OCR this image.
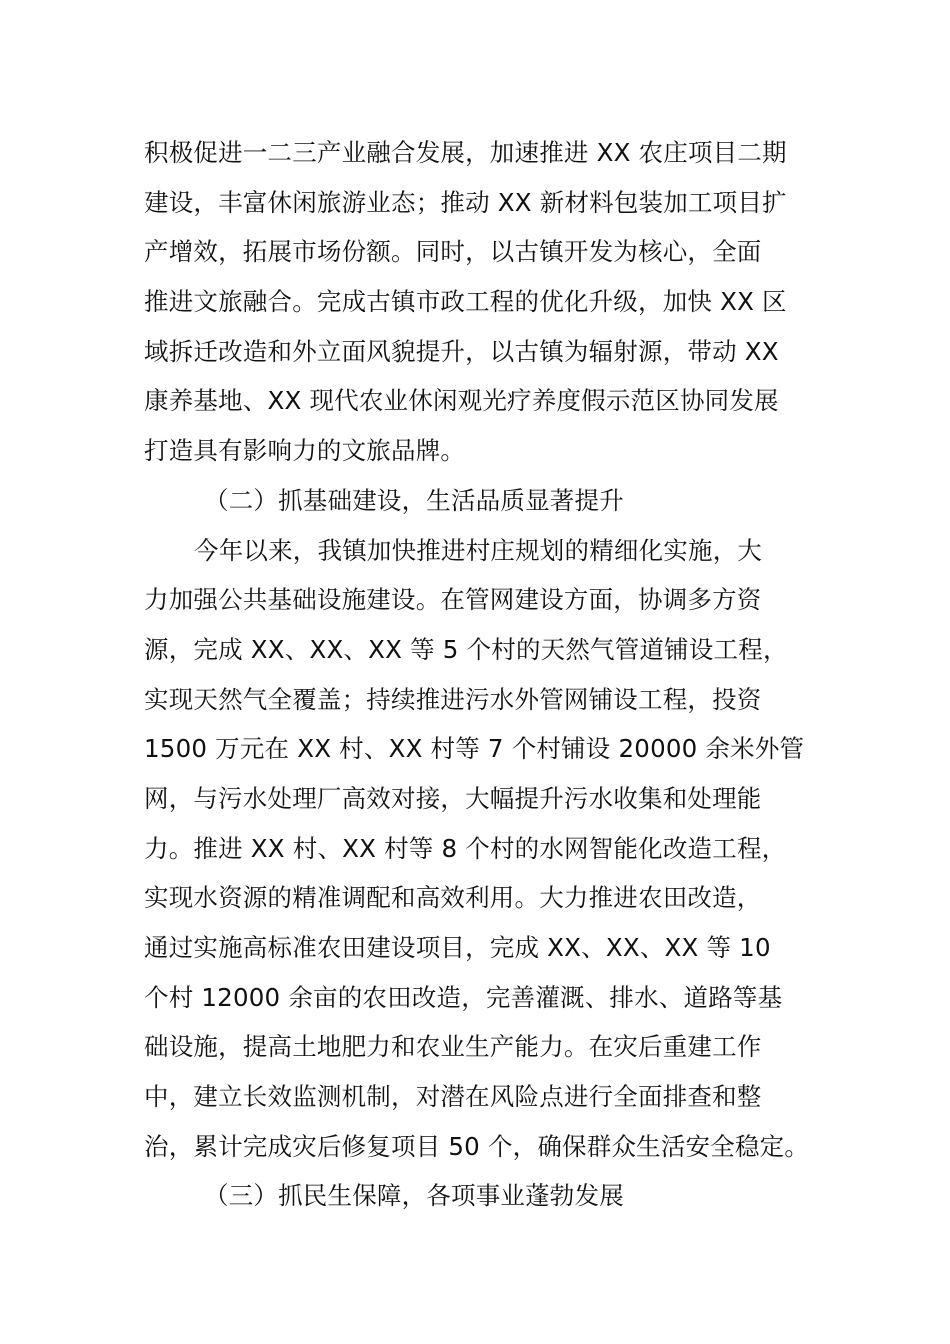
积极促进一二三产业融合发展，加速推进 XX 农庄项目二期
建设，丰富休闲旅游业态；推动 XX 新材料包装加工项目扩
产增效，拓展市场份额。同时，以古镇开发为核心，全面
推进文旅融合。完成古镇市政工程的优化升级，加快 XX 区
域拆迁改造和外立面风貌提升，以古镇为辐射源，带动 XX
康养基地、XX 现代农业休闲观光疗养度假示范区协同发展
打造具有影响力的文旅品牌。
（二）抓基础建设，生活品质显著提升
今年以来，我镇加快推进村庄规划的精细化实施，大
力加强公共基础设施建设。在管网建设方面，协调多方资
源，完成 XX、XX、XX 等 5 个村的天然气管道铺设工程，
实现天然气全覆盖；持续推进污水外管网铺设工程，投资
1500 万元在 XX 村、XX 村等 7 个村铺设 20000 余米外管
网，与污水处理厂高效对接，大幅提升污水收集和处理能
力。推进 XX 村、XX 村等 8 个村的水网智能化改造工程，
实现水资源的精准调配和高效利用。大力推进农田改造，
通过实施高标准农田建设项目，完成 XX、XX、XX 等 10
个村 12000 余亩的农田改造，完善灌溉、排水、道路等基
础设施，提高土地肥力和农业生产能力。在灾后重建工作
中，建立长效监测机制，对潜在风险点进行全面排查和整
治，累计完成灾后修复项目 50 个，确保群众生活安全稳定。
（三）抓民生保障，各项事业蓬勃发展
